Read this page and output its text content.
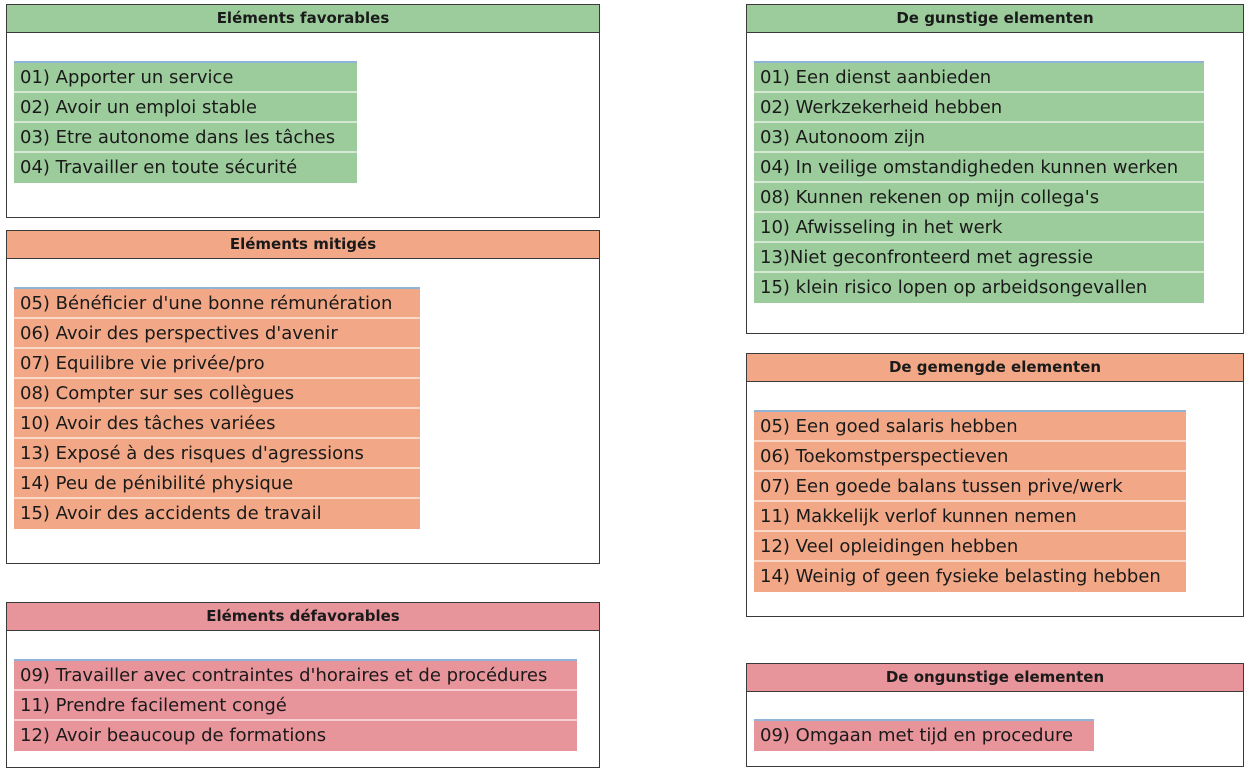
Eléments favorables
01) Apporter un service
02) Avoir un emploi stable
03) Etre autonome dans les tâches
04) Travailler en toute sécurité
Eléments mitigés
05) Bénéficier d'une bonne rémunération
06) Avoir des perspectives d'avenir
07) Equilibre vie privée/pro
08) Compter sur ses collègues
10) Avoir des tâches variées
13) Exposé à des risques d'agressions
14) Peu de pénibilité physique
15) Avoir des accidents de travail
Eléments défavorables
09) Travailler avec contraintes d'horaires et de procédures
11) Prendre facilement congé
12) Avoir beaucoup de formations
De gunstige elementen
01) Een dienst aanbieden
02) Werkzekerheid hebben
03) Autonoom zijn
04) In veilige omstandigheden kunnen werken
08) Kunnen rekenen op mijn collega's
10) Afwisseling in het werk
13)Niet geconfronteerd met agressie
15) klein risico lopen op arbeidsongevallen
De gemengde elementen
05) Een goed salaris hebben
06) Toekomstperspectieven
07) Een goede balans tussen prive/werk
11) Makkelijk verlof kunnen nemen
12) Veel opleidingen hebben
14) Weinig of geen fysieke belasting hebben
De ongunstige elementen
09) Omgaan met tijd en procedure
